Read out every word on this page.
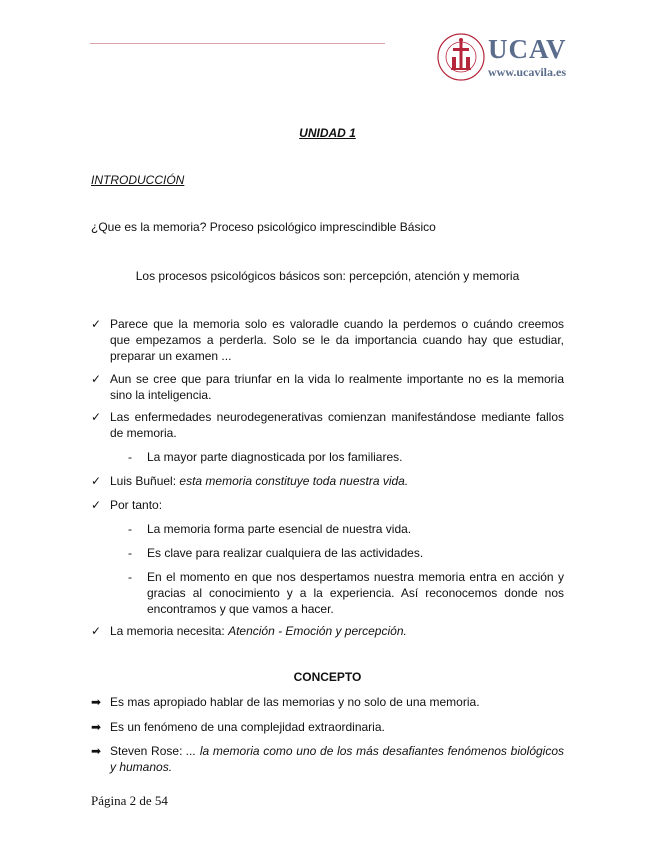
UCAV
www.ucavila.es
UNIDAD 1
INTRODUCCIÓN
¿Que es la memoria? Proceso psicológico imprescindible Básico
Los procesos psicológicos básicos son: percepción, atención y memoria
✓ Parece que la memoria solo es valoradle cuando la perdemos o cuándo creemos que empezamos a perderla. Solo se le da importancia cuando hay que estudiar, preparar un examen ...
✓ Aun se cree que para triunfar en la vida lo realmente importante no es la memoria sino la inteligencia.
✓ Las enfermedades neurodegenerativas comienzan manifestándose mediante fallos de memoria.
-	La mayor parte diagnosticada por los familiares.
✓ Luis Buñuel: esta memoria constituye toda nuestra vida.
✓ Por tanto:
-	La memoria forma parte esencial de nuestra vida.
-	Es clave para realizar cualquiera de las actividades.
-	En el momento en que nos despertamos nuestra memoria entra en acción y gracias al conocimiento y a la experiencia. Así reconocemos donde nos encontramos y que vamos a hacer.
✓ La memoria necesita: Atención - Emoción y percepción.
CONCEPTO
➡ Es mas apropiado hablar de las memorias y no solo de una memoria.
➡ Es un fenómeno de una complejidad extraordinaria.
➡ Steven Rose: ... la memoria como uno de los más desafiantes fenómenos biológicos y humanos.
Página 2 de 54
